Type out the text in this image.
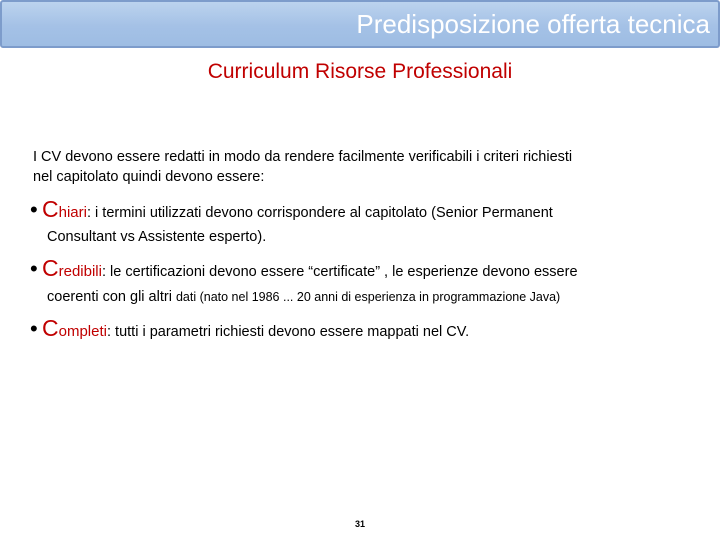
Predisposizione offerta tecnica
Curriculum Risorse Professionali
I CV devono essere redatti in modo da rendere facilmente verificabili i criteri richiesti
nel capitolato quindi devono essere:
• Chiari: i termini utilizzati devono corrispondere al capitolato (Senior Permanent
Consultant vs Assistente esperto).
• Credibili: le certificazioni devono essere “certificate” , le esperienze devono essere
coerenti con gli altri dati (nato nel 1986 ... 20 anni di esperienza in programmazione Java)
• Completi: tutti i parametri richiesti devono essere mappati nel CV.
31
